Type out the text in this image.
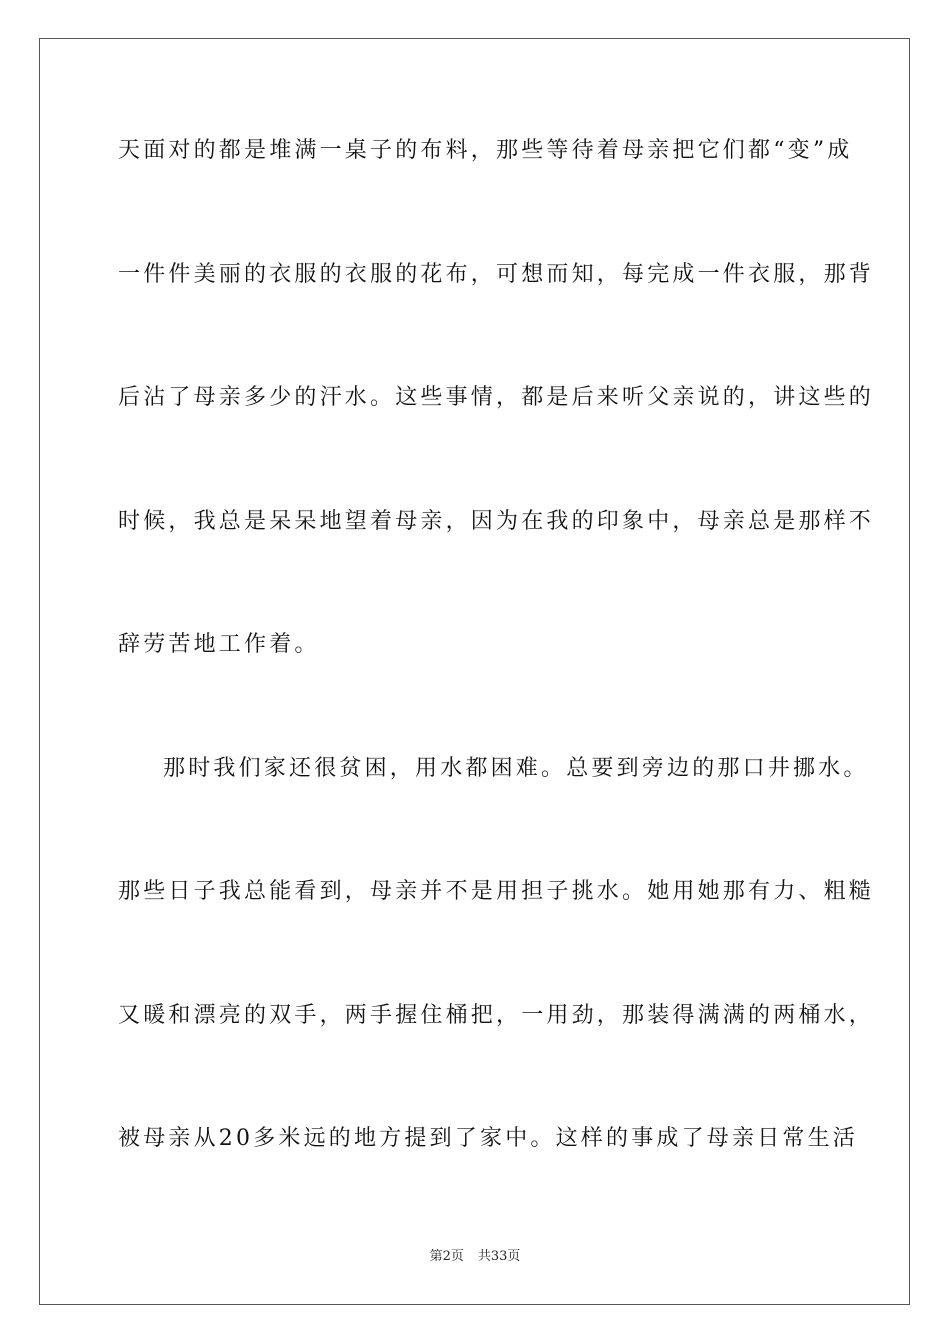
天面对的都是堆满一桌子的布料，那些等待着母亲把它们都“变”成
一件件美丽的衣服的衣服的花布，可想而知，每完成一件衣服，那背
后沾了母亲多少的汗水。这些事情，都是后来听父亲说的，讲这些的
时候，我总是呆呆地望着母亲，因为在我的印象中，母亲总是那样不
辞劳苦地工作着。
那时我们家还很贫困，用水都困难。总要到旁边的那口井挪水。
那些日子我总能看到，母亲并不是用担子挑水。她用她那有力、粗糙
又暖和漂亮的双手，两手握住桶把，一用劲，那装得满满的两桶水，
被母亲从20多米远的地方提到了家中。这样的事成了母亲日常生活
第2页 共33页
